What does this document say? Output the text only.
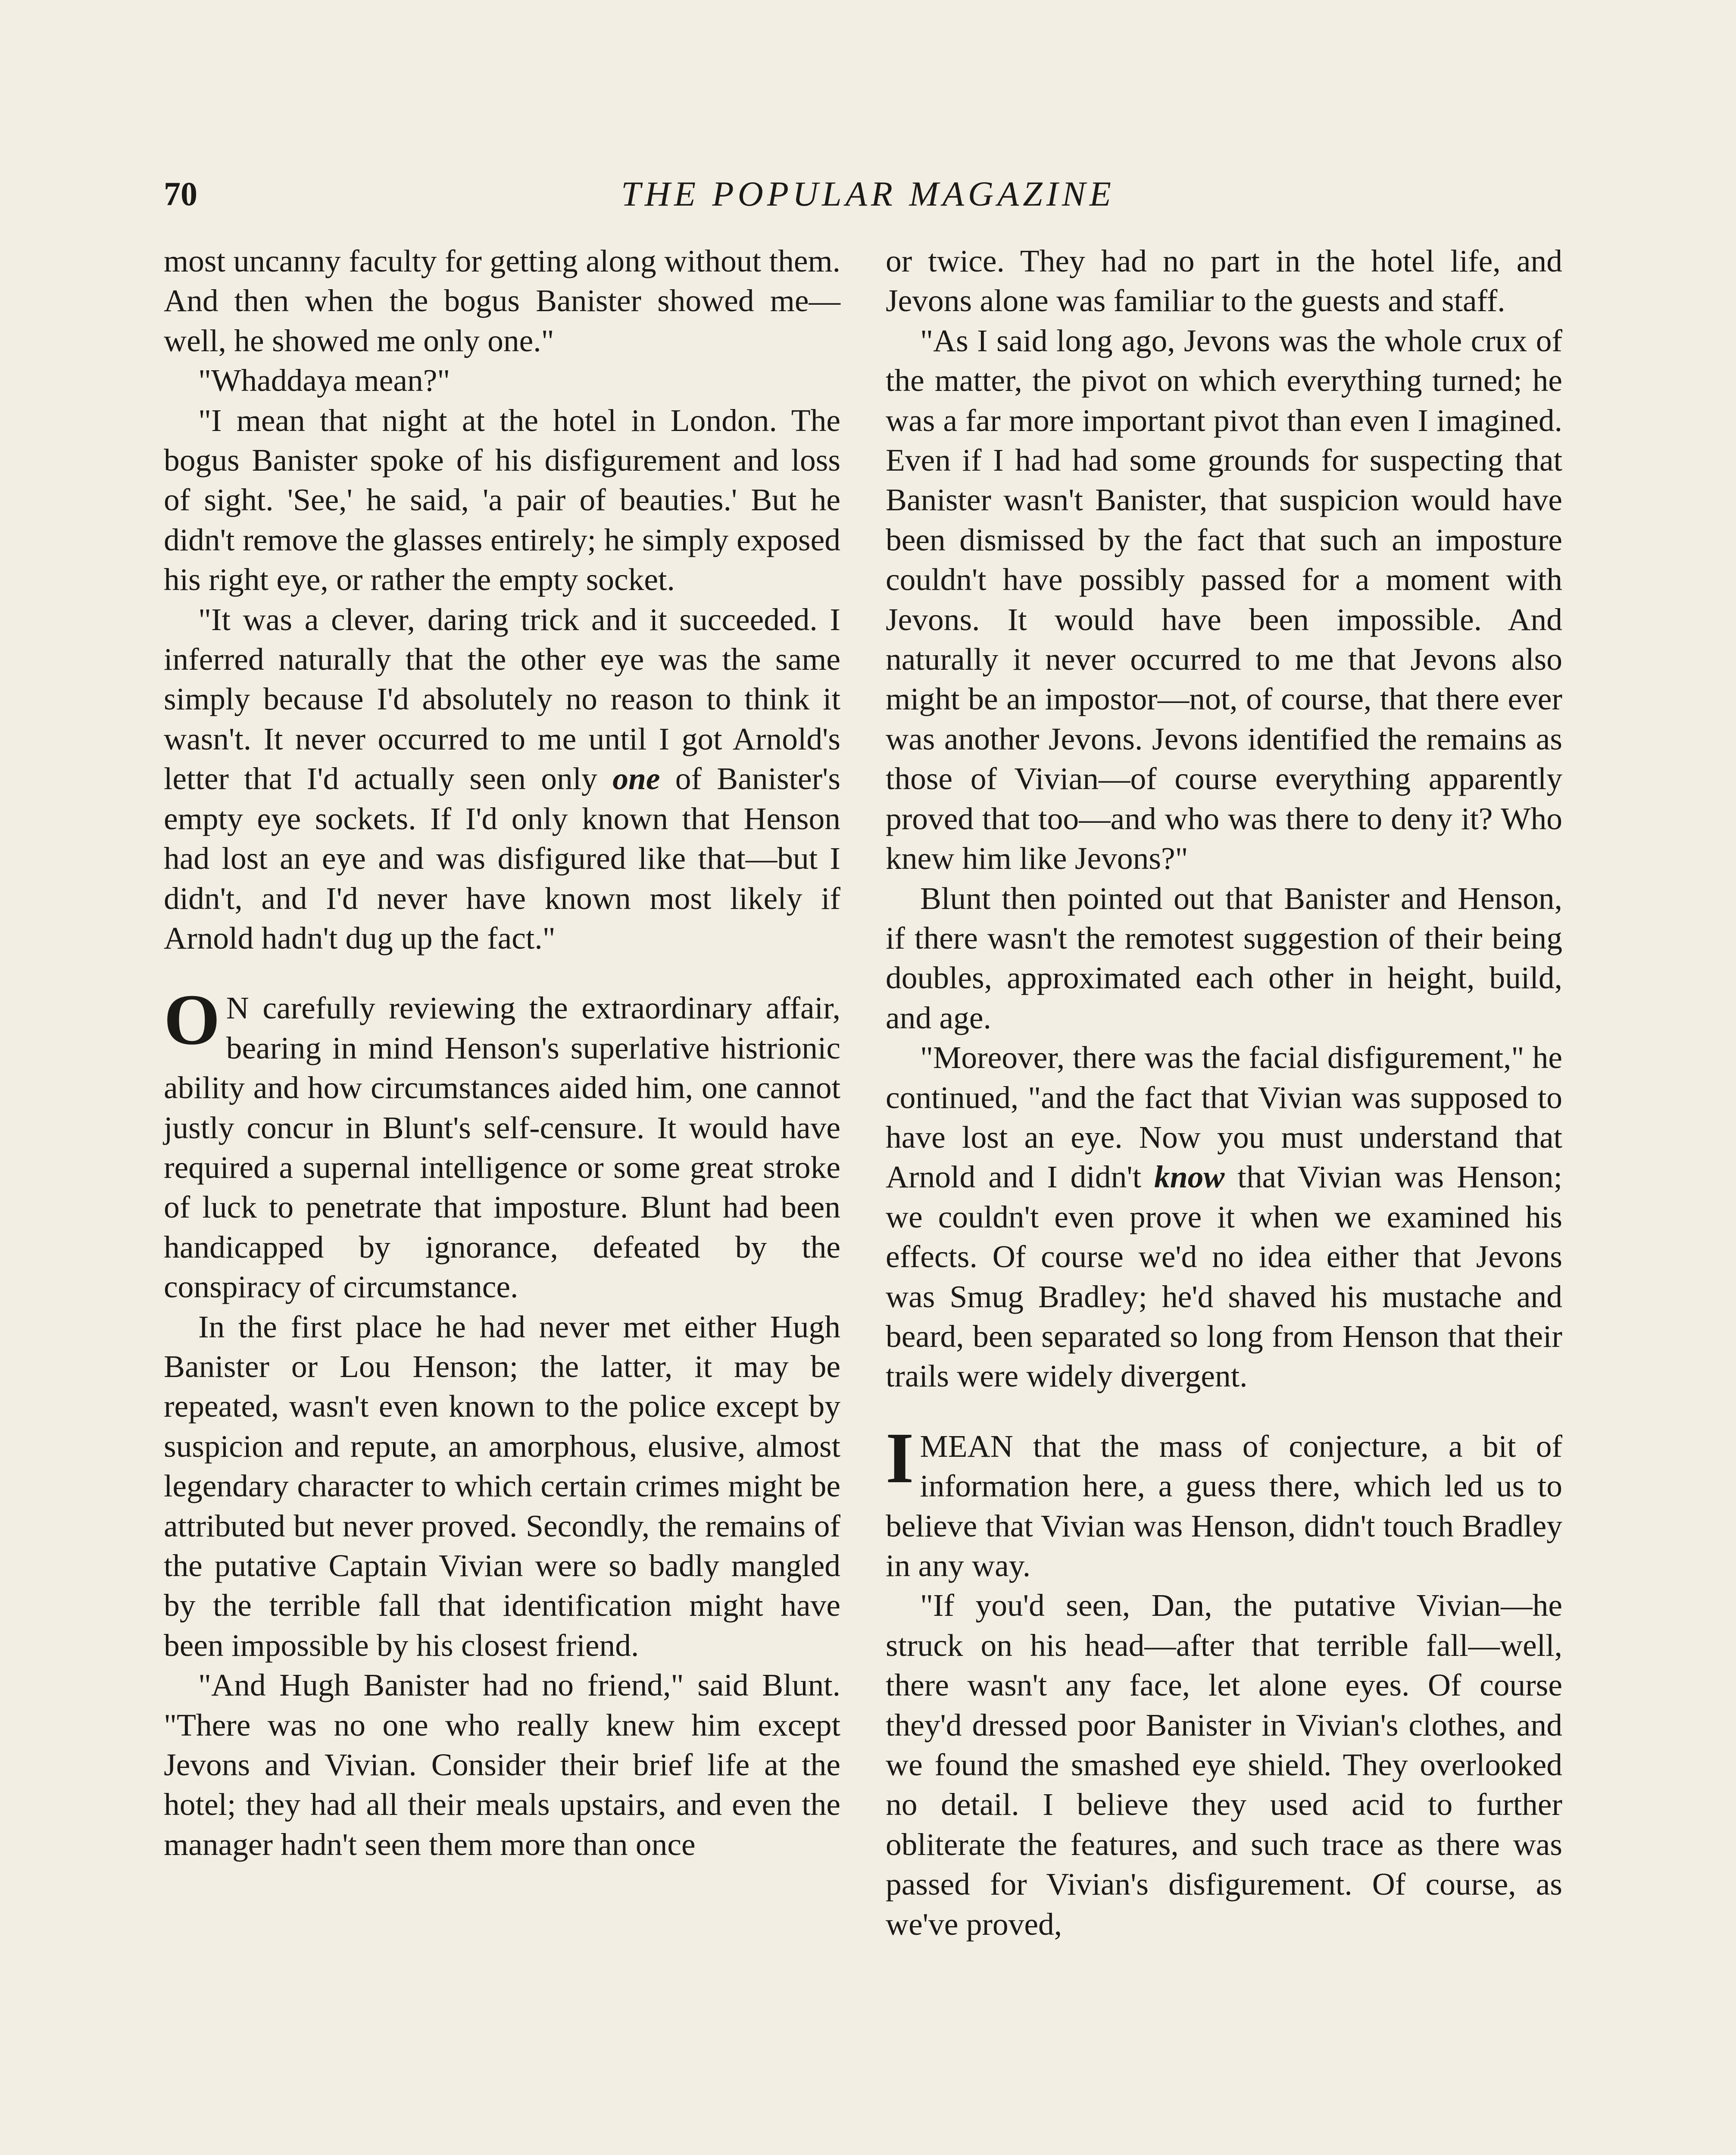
70	THE POPULAR MAGAZINE

most uncanny faculty for getting along without them. And then when the bogus Banister showed me—well, he showed me only one."

"Whaddaya mean?"

"I mean that night at the hotel in London. The bogus Banister spoke of his disfigurement and loss of sight. 'See,' he said, 'a pair of beauties.' But he didn't remove the glasses entirely; he simply exposed his right eye, or rather the empty socket.

"It was a clever, daring trick and it succeeded. I inferred naturally that the other eye was the same simply because I'd absolutely no reason to think it wasn't. It never occurred to me until I got Arnold's letter that I'd actually seen only one of Banister's empty eye sockets. If I'd only known that Henson had lost an eye and was disfigured like that—but I didn't, and I'd never have known most likely if Arnold hadn't dug up the fact."

O N carefully reviewing the extraordinary affair, bearing in mind Henson's superlative histrionic ability and how circumstances aided him, one cannot justly concur in Blunt's self-censure. It would have required a supernal intelligence or some great stroke of luck to penetrate that imposture. Blunt had been handicapped by ignorance, defeated by the conspiracy of circumstance.

In the first place he had never met either Hugh Banister or Lou Henson; the latter, it may be repeated, wasn't even known to the police except by suspicion and repute, an amorphous, elusive, almost legendary character to which certain crimes might be attributed but never proved. Secondly, the remains of the putative Captain Vivian were so badly mangled by the terrible fall that identification might have been impossible by his closest friend.

"And Hugh Banister had no friend," said Blunt. "There was no one who really knew him except Jevons and Vivian. Consider their brief life at the hotel; they had all their meals upstairs, and even the manager hadn't seen them more than once

or twice. They had no part in the hotel life, and Jevons alone was familiar to the guests and staff.

"As I said long ago, Jevons was the whole crux of the matter, the pivot on which everything turned; he was a far more important pivot than even I imagined. Even if I had had some grounds for suspecting that Banister wasn't Banister, that suspicion would have been dismissed by the fact that such an imposture couldn't have possibly passed for a moment with Jevons. It would have been impossible. And naturally it never occurred to me that Jevons also might be an impostor—not, of course, that there ever was another Jevons. Jevons identified the remains as those of Vivian—of course everything apparently proved that too—and who was there to deny it? Who knew him like Jevons?"

Blunt then pointed out that Banister and Henson, if there wasn't the remotest suggestion of their being doubles, approximated each other in height, build, and age.

"Moreover, there was the facial disfigurement," he continued, "and the fact that Vivian was supposed to have lost an eye. Now you must understand that Arnold and I didn't know that Vivian was Henson; we couldn't even prove it when we examined his effects. Of course we'd no idea either that Jevons was Smug Bradley; he'd shaved his mustache and beard, been separated so long from Henson that their trails were widely divergent.

IMEAN that the mass of conjecture, a bit of information here, a guess there, which led us to believe that Vivian was Henson, didn't touch Bradley in any way.

"If you'd seen, Dan, the putative Vivian—he struck on his head—after that terrible fall—well, there wasn't any face, let alone eyes. Of course they'd dressed poor Banister in Vivian's clothes, and we found the smashed eye shield. They overlooked no detail. I believe they used acid to further obliterate the features, and such trace as there was passed for Vivian's disfigurement. Of course, as we've proved,
